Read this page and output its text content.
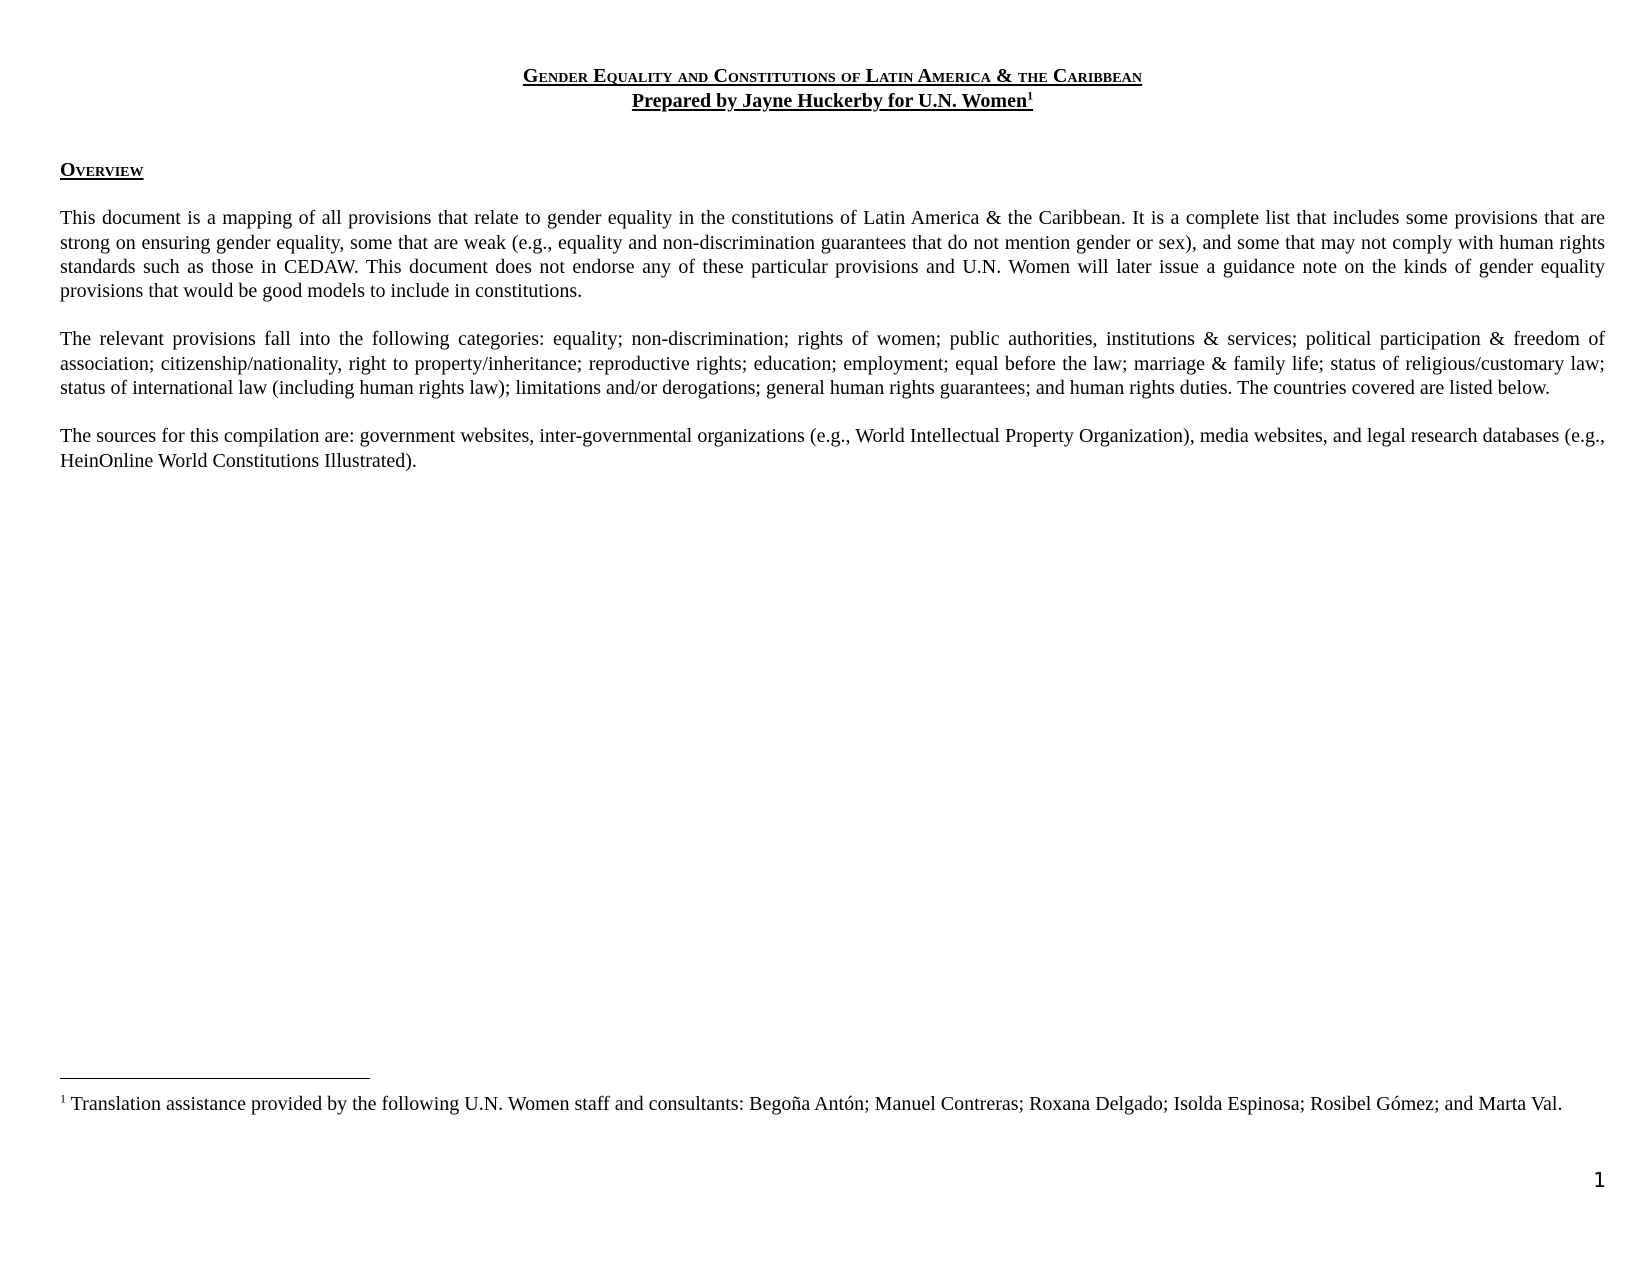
Gender Equality and Constitutions of Latin America & the Caribbean
Prepared by Jayne Huckerby for U.N. Women$^1$
Overview

This document is a mapping of all provisions that relate to gender equality in the constitutions of Latin America & the Caribbean. It is a complete list that includes some provisions that are strong on ensuring gender equality, some that are weak (e.g., equality and non-discrimination guarantees that do not mention gender or sex), and some that may not comply with human rights standards such as those in CEDAW. This document does not endorse any of these particular provisions and U.N. Women will later issue a guidance note on the kinds of gender equality provisions that would be good models to include in constitutions.

The relevant provisions fall into the following categories: equality; non-discrimination; rights of women; public authorities, institutions & services; political participation & freedom of association; citizenship/nationality, right to property/inheritance; reproductive rights; education; employment; equal before the law; marriage & family life; status of religious/customary law; status of international law (including human rights law); limitations and/or derogations; general human rights guarantees; and human rights duties. The countries covered are listed below.

The sources for this compilation are: government websites, inter-governmental organizations (e.g., World Intellectual Property Organization), media websites, and legal research databases (e.g., HeinOnline World Constitutions Illustrated).

$^1$ Translation assistance provided by the following U.N. Women staff and consultants: Begoña Antón; Manuel Contreras; Roxana Delgado; Isolda Espinosa; Rosibel Gómez; and Marta Val.
1
